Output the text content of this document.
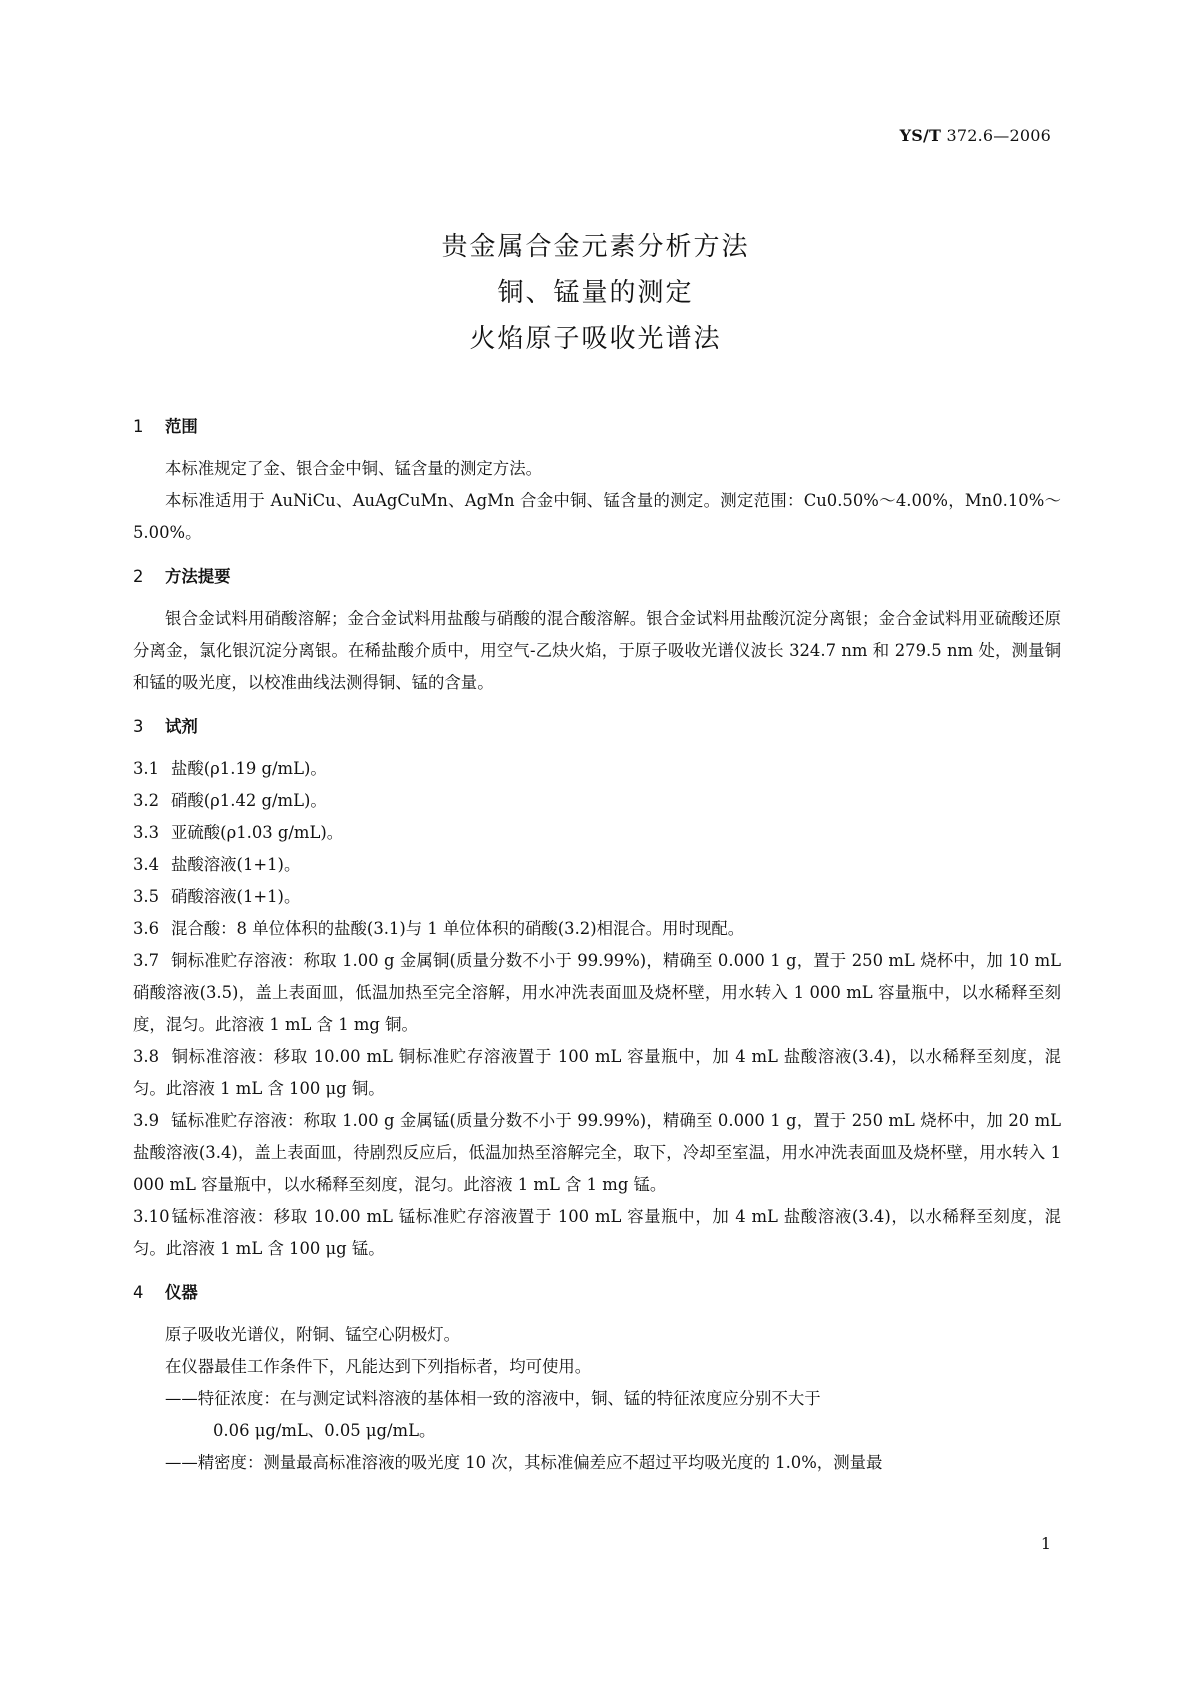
YS/T 372.6—2006
贵金属合金元素分析方法
铜、锰量的测定
火焰原子吸收光谱法
1 范围

本标准规定了金、银合金中铜、锰含量的测定方法。

本标准适用于 AuNiCu、AuAgCuMn、AgMn 合金中铜、锰含量的测定。测定范围：Cu0.50%～4.00%，Mn0.10%～5.00%。

2 方法提要

银合金试料用硝酸溶解；金合金试料用盐酸与硝酸的混合酸溶解。银合金试料用盐酸沉淀分离银；金合金试料用亚硫酸还原分离金，氯化银沉淀分离银。在稀盐酸介质中，用空气-乙炔火焰，于原子吸收光谱仪波长 324.7 nm 和 279.5 nm 处，测量铜和锰的吸光度，以校准曲线法测得铜、锰的含量。

3 试剂

3.1 盐酸(ρ1.19 g/mL)。

3.2 硝酸(ρ1.42 g/mL)。

3.3 亚硫酸(ρ1.03 g/mL)。

3.4 盐酸溶液(1+1)。

3.5 硝酸溶液(1+1)。

3.6 混合酸：8 单位体积的盐酸(3.1)与 1 单位体积的硝酸(3.2)相混合。用时现配。

3.7 铜标准贮存溶液：称取 1.00 g 金属铜(质量分数不小于 99.99%)，精确至 0.000 1 g，置于 250 mL 烧杯中，加 10 mL 硝酸溶液(3.5)，盖上表面皿，低温加热至完全溶解，用水冲洗表面皿及烧杯壁，用水转入 1 000 mL 容量瓶中，以水稀释至刻度，混匀。此溶液 1 mL 含 1 mg 铜。

3.8 铜标准溶液：移取 10.00 mL 铜标准贮存溶液置于 100 mL 容量瓶中，加 4 mL 盐酸溶液(3.4)，以水稀释至刻度，混匀。此溶液 1 mL 含 100 μg 铜。

3.9 锰标准贮存溶液：称取 1.00 g 金属锰(质量分数不小于 99.99%)，精确至 0.000 1 g，置于 250 mL 烧杯中，加 20 mL 盐酸溶液(3.4)，盖上表面皿，待剧烈反应后，低温加热至溶解完全，取下，冷却至室温，用水冲洗表面皿及烧杯壁，用水转入 1 000 mL 容量瓶中，以水稀释至刻度，混匀。此溶液 1 mL 含 1 mg 锰。

3.10锰标准溶液：移取 10.00 mL 锰标准贮存溶液置于 100 mL 容量瓶中，加 4 mL 盐酸溶液(3.4)，以水稀释至刻度，混匀。此溶液 1 mL 含 100 μg 锰。

4 仪器

原子吸收光谱仪，附铜、锰空心阴极灯。

在仪器最佳工作条件下，凡能达到下列指标者，均可使用。

——特征浓度：在与测定试料溶液的基体相一致的溶液中，铜、锰的特征浓度应分别不大于

0.06 μg/mL、0.05 μg/mL。

——精密度：测量最高标准溶液的吸光度 10 次，其标准偏差应不超过平均吸光度的 1.0%，测量最

1
